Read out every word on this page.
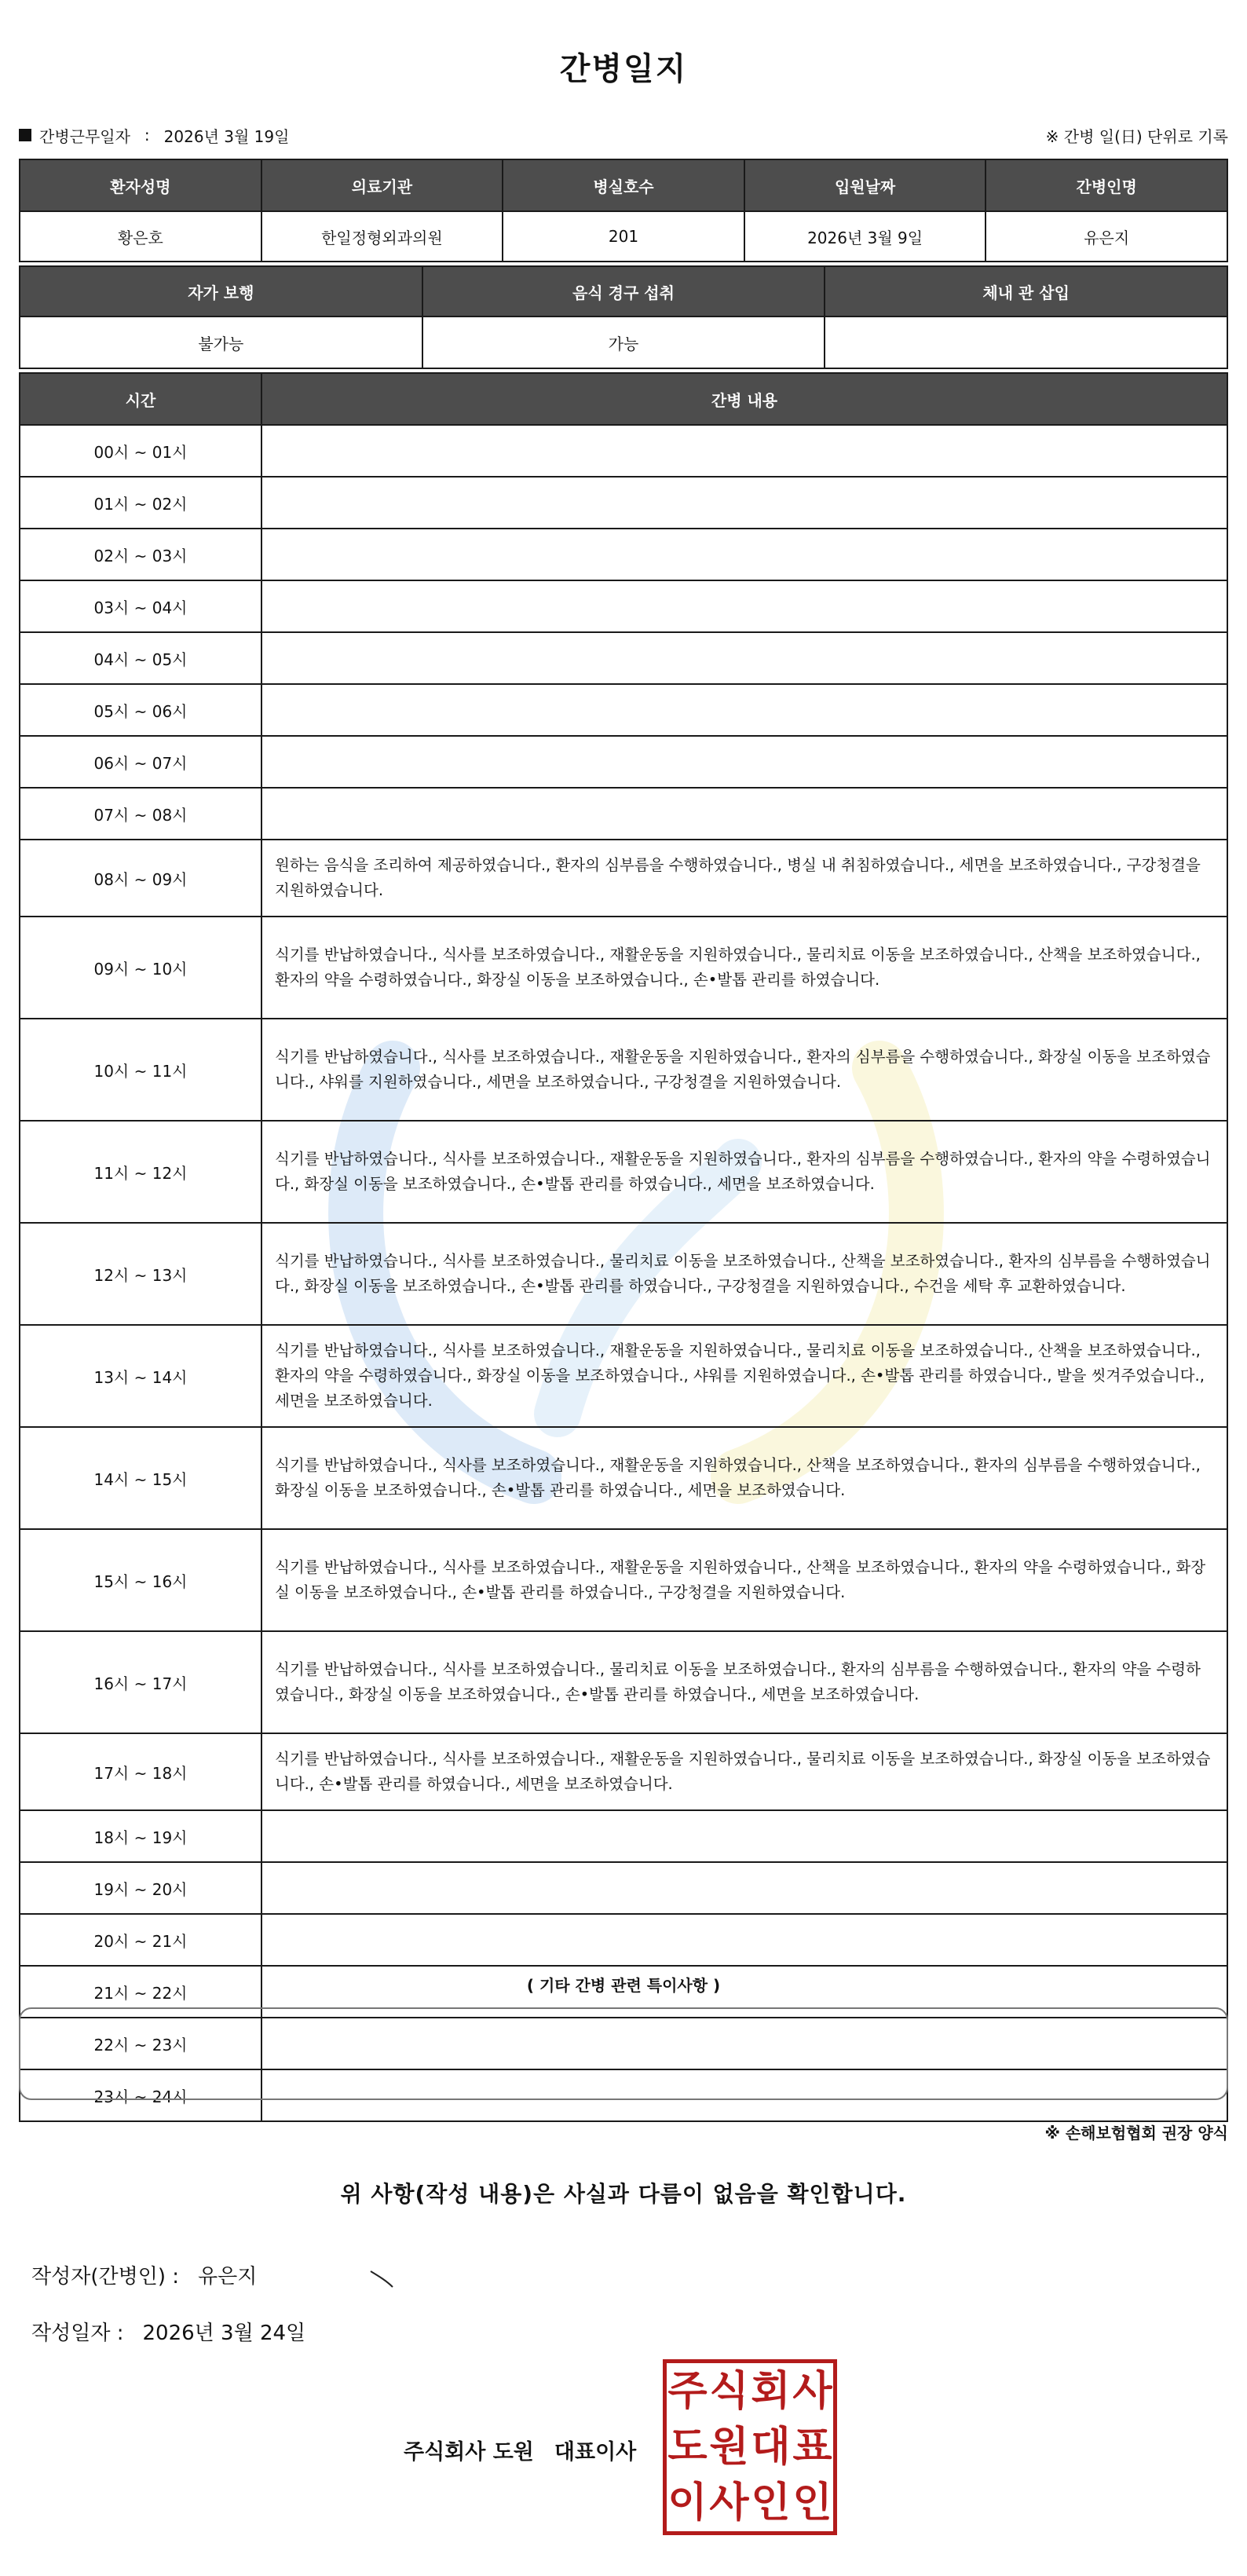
간병일지
간병근무일자 : 2026년 3월 19일	※ 간병 일(日) 단위로 기록
환자성명	의료기관	병실호수	입원날짜	간병인명
황은호	한일정형외과의원	201	2026년 3월 9일	유은지
자가 보행	음식 경구 섭취	체내 관 삽입
불가능	가능	
시간	간병 내용
00시 ~ 01시	
01시 ~ 02시	
02시 ~ 03시	
03시 ~ 04시	
04시 ~ 05시	
05시 ~ 06시	
06시 ~ 07시	
07시 ~ 08시	
08시 ~ 09시	원하는 음식을 조리하여 제공하였습니다., 환자의 심부름을 수행하였습니다., 병실 내 취침하였습니다., 세면을 보조하였습니다., 구강청결을 지원하였습니다.
09시 ~ 10시	식기를 반납하였습니다., 식사를 보조하였습니다., 재활운동을 지원하였습니다., 물리치료 이동을 보조하였습니다., 산책을 보조하였습니다., 환자의 약을 수령하였습니다., 화장실 이동을 보조하였습니다., 손•발톱 관리를 하였습니다.
10시 ~ 11시	식기를 반납하였습니다., 식사를 보조하였습니다., 재활운동을 지원하였습니다., 환자의 심부름을 수행하였습니다., 화장실 이동을 보조하였습니다., 샤워를 지원하였습니다., 세면을 보조하였습니다., 구강청결을 지원하였습니다.
11시 ~ 12시	식기를 반납하였습니다., 식사를 보조하였습니다., 재활운동을 지원하였습니다., 환자의 심부름을 수행하였습니다., 환자의 약을 수령하였습니다., 화장실 이동을 보조하였습니다., 손•발톱 관리를 하였습니다., 세면을 보조하였습니다.
12시 ~ 13시	식기를 반납하였습니다., 식사를 보조하였습니다., 물리치료 이동을 보조하였습니다., 산책을 보조하였습니다., 환자의 심부름을 수행하였습니다., 화장실 이동을 보조하였습니다., 손•발톱 관리를 하였습니다., 구강청결을 지원하였습니다., 수건을 세탁 후 교환하였습니다.
13시 ~ 14시	식기를 반납하였습니다., 식사를 보조하였습니다., 재활운동을 지원하였습니다., 물리치료 이동을 보조하였습니다., 산책을 보조하였습니다., 환자의 약을 수령하였습니다., 화장실 이동을 보조하였습니다., 샤워를 지원하였습니다., 손•발톱 관리를 하였습니다., 발을 씻겨주었습니다., 세면을 보조하였습니다.
14시 ~ 15시	식기를 반납하였습니다., 식사를 보조하였습니다., 재활운동을 지원하였습니다., 산책을 보조하였습니다., 환자의 심부름을 수행하였습니다., 화장실 이동을 보조하였습니다., 손•발톱 관리를 하였습니다., 세면을 보조하였습니다.
15시 ~ 16시	식기를 반납하였습니다., 식사를 보조하였습니다., 재활운동을 지원하였습니다., 산책을 보조하였습니다., 환자의 약을 수령하였습니다., 화장실 이동을 보조하였습니다., 손•발톱 관리를 하였습니다., 구강청결을 지원하였습니다.
16시 ~ 17시	식기를 반납하였습니다., 식사를 보조하였습니다., 물리치료 이동을 보조하였습니다., 환자의 심부름을 수행하였습니다., 환자의 약을 수령하였습니다., 화장실 이동을 보조하였습니다., 손•발톱 관리를 하였습니다., 세면을 보조하였습니다.
17시 ~ 18시	식기를 반납하였습니다., 식사를 보조하였습니다., 재활운동을 지원하였습니다., 물리치료 이동을 보조하였습니다., 화장실 이동을 보조하였습니다., 손•발톱 관리를 하였습니다., 세면을 보조하였습니다.
18시 ~ 19시	
19시 ~ 20시	
20시 ~ 21시	
21시 ~ 22시	
22시 ~ 23시	
23시 ~ 24시	
( 기타 간병 관련 특이사항 )
※ 손해보험협회 권장 양식
위 사항(작성 내용)은 사실과 다름이 없음을 확인합니다.
작성자(간병인) : 유은지
작성일자 : 2026년 3월 24일
주식회사 도원 대표이사
주 식 회 사
도 원 대 표
이 사 인 인
